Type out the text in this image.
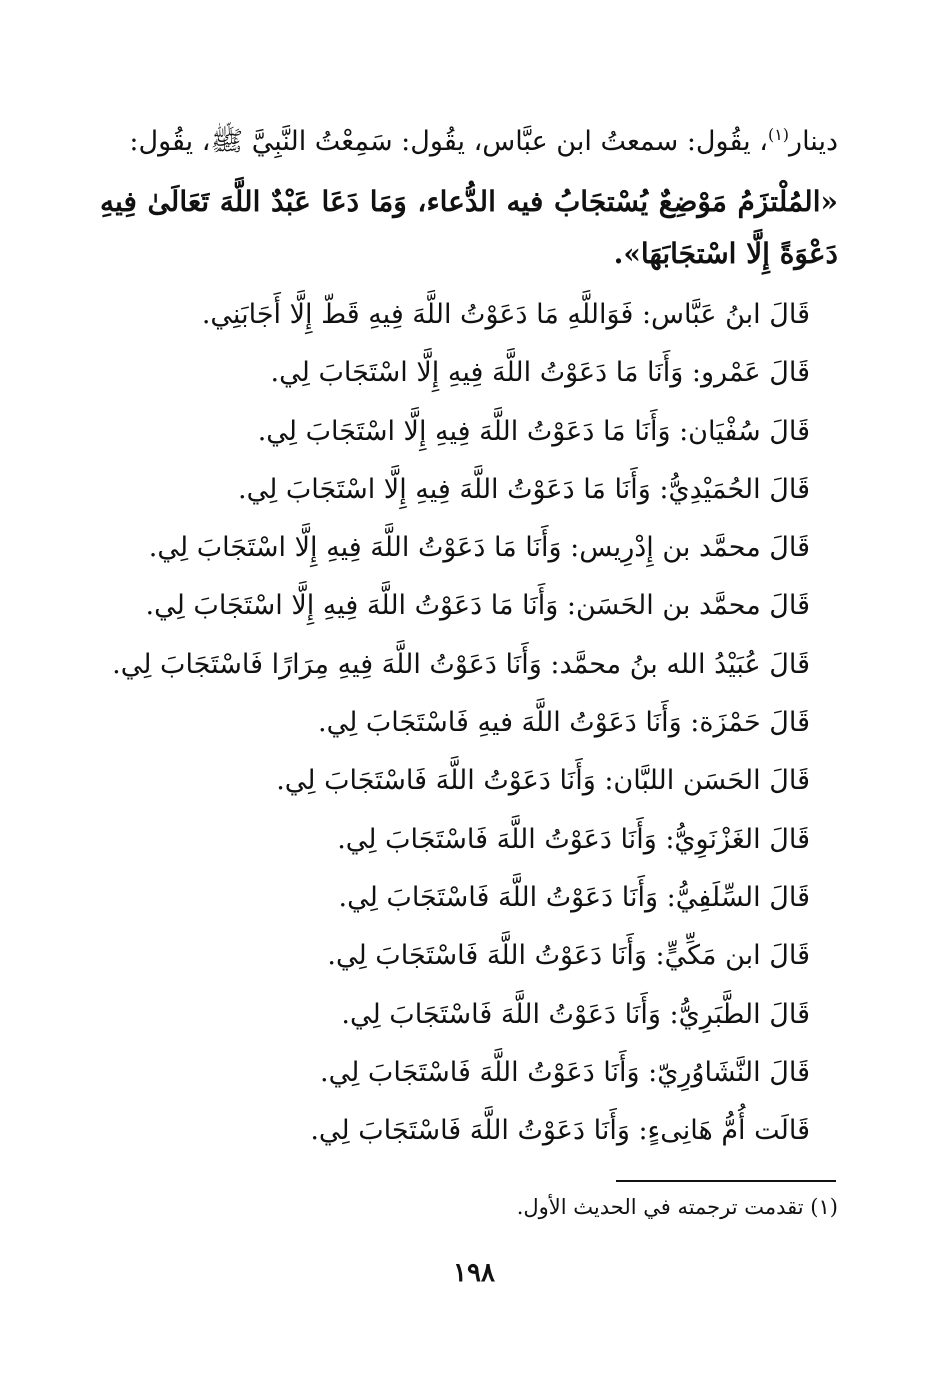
دينار$^{(١)}$، يقُول: سمعتُ ابن عبَّاس، يقُول: سَمِعْتُ النَّبِيَّ ﷺ، يقُول:
«المُلْتزَمُ مَوْضِعٌ يُسْتجَابُ فيه الدُّعاء، وَمَا دَعَا عَبْدٌ اللَّهَ تَعَالَىٰ فِيهِ
دَعْوَةً إِلَّا اسْتجَابَهَا».
قَالَ ابنُ عَبَّاس: فَوَاللَّهِ مَا دَعَوْتُ اللَّهَ فِيهِ قَطّ إِلَّا أَجَابَنِي.
قَالَ عَمْرو: وَأَنَا مَا دَعَوْتُ اللَّهَ فِيهِ إِلَّا اسْتَجَابَ لِي.
قَالَ سُفْيَان: وَأَنَا مَا دَعَوْتُ اللَّهَ فِيهِ إِلَّا اسْتَجَابَ لِي.
قَالَ الحُمَيْدِيُّ: وَأَنَا مَا دَعَوْتُ اللَّهَ فِيهِ إِلَّا اسْتَجَابَ لِي.
قَالَ محمَّد بن إِدْرِيس: وَأَنَا مَا دَعَوْتُ اللَّهَ فِيهِ إِلَّا اسْتَجَابَ لِي.
قَالَ محمَّد بن الحَسَن: وَأَنَا مَا دَعَوْتُ اللَّهَ فِيهِ إِلَّا اسْتَجَابَ لِي.
قَالَ عُبَيْدُ الله بنُ محمَّد: وَأَنَا دَعَوْتُ اللَّهَ فِيهِ مِرَارًا فَاسْتَجَابَ لِي.
قَالَ حَمْزَة: وَأَنَا دَعَوْتُ اللَّهَ فيهِ فَاسْتَجَابَ لِي.
قَالَ الحَسَن اللبَّان: وَأَنَا دَعَوْتُ اللَّهَ فَاسْتَجَابَ لِي.
قَالَ الغَزْنَوِيُّ: وَأَنَا دَعَوْتُ اللَّهَ فَاسْتَجَابَ لِي.
قَالَ السِّلَفِيُّ: وَأَنَا دَعَوْتُ اللَّهَ فَاسْتَجَابَ لِي.
قَالَ ابن مَكِّيٍّ: وَأَنَا دَعَوْتُ اللَّهَ فَاسْتَجَابَ لِي.
قَالَ الطَّبَرِيُّ: وَأَنَا دَعَوْتُ اللَّهَ فَاسْتَجَابَ لِي.
قَالَ النَّشَاوُرِيّ: وَأَنَا دَعَوْتُ اللَّهَ فَاسْتَجَابَ لِي.
قَالَت أُمُّ هَانِىءٍ: وَأَنَا دَعَوْتُ اللَّهَ فَاسْتَجَابَ لِي.
(١) تقدمت ترجمته في الحديث الأول.
١٩٨
